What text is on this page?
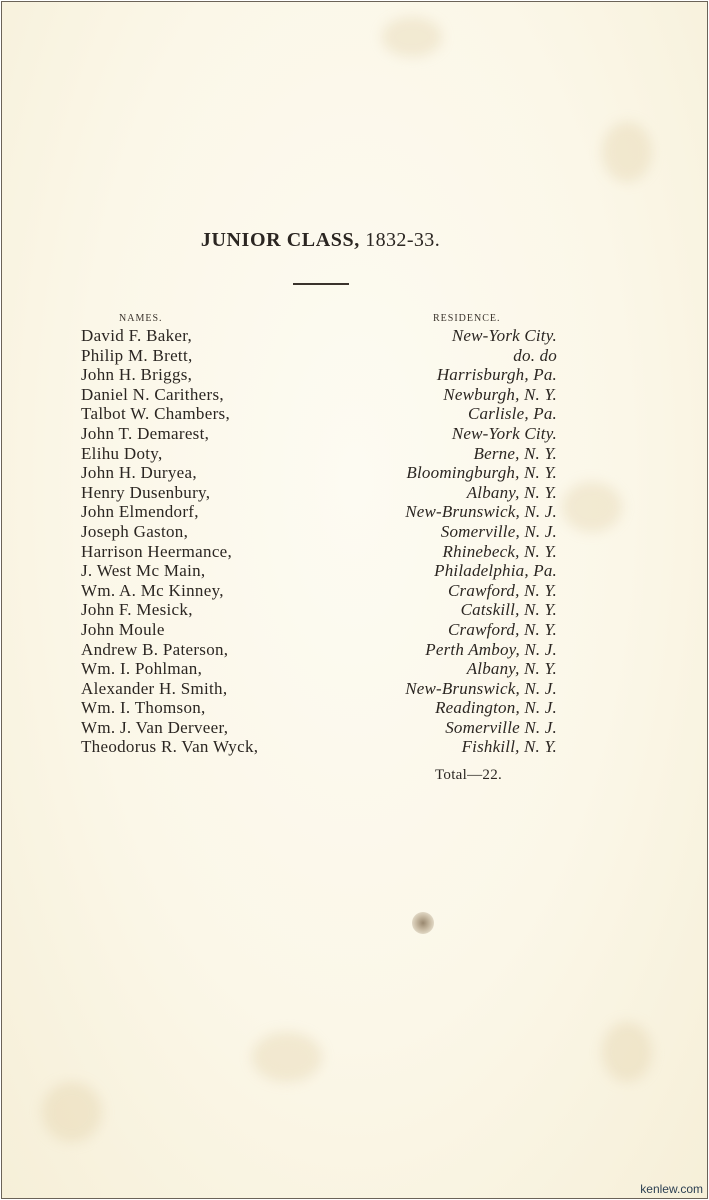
JUNIOR CLASS, 1832-33.
NAMES.	RESIDENCE.
David F. Baker,	New-York City.
Philip M. Brett,	do. do
John H. Briggs,	Harrisburgh, Pa.
Daniel N. Carithers,	Newburgh, N. Y.
Talbot W. Chambers,	Carlisle, Pa.
John T. Demarest,	New-York City.
Elihu Doty,	Berne, N. Y.
John H. Duryea,	Bloomingburgh, N. Y.
Henry Dusenbury,	Albany, N. Y.
John Elmendorf,	New-Brunswick, N. J.
Joseph Gaston,	Somerville, N. J.
Harrison Heermance,	Rhinebeck, N. Y.
J. West Mc Main,	Philadelphia, Pa.
Wm. A. Mc Kinney,	Crawford, N. Y.
John F. Mesick,	Catskill, N. Y.
John Moule	Crawford, N. Y.
Andrew B. Paterson,	Perth Amboy, N. J.
Wm. I. Pohlman,	Albany, N. Y.
Alexander H. Smith,	New-Brunswick, N. J.
Wm. I. Thomson,	Readington, N. J.
Wm. J. Van Derveer,	Somerville N. J.
Theodorus R. Van Wyck,	Fishkill, N. Y.
Total—22.
kenlew.com
